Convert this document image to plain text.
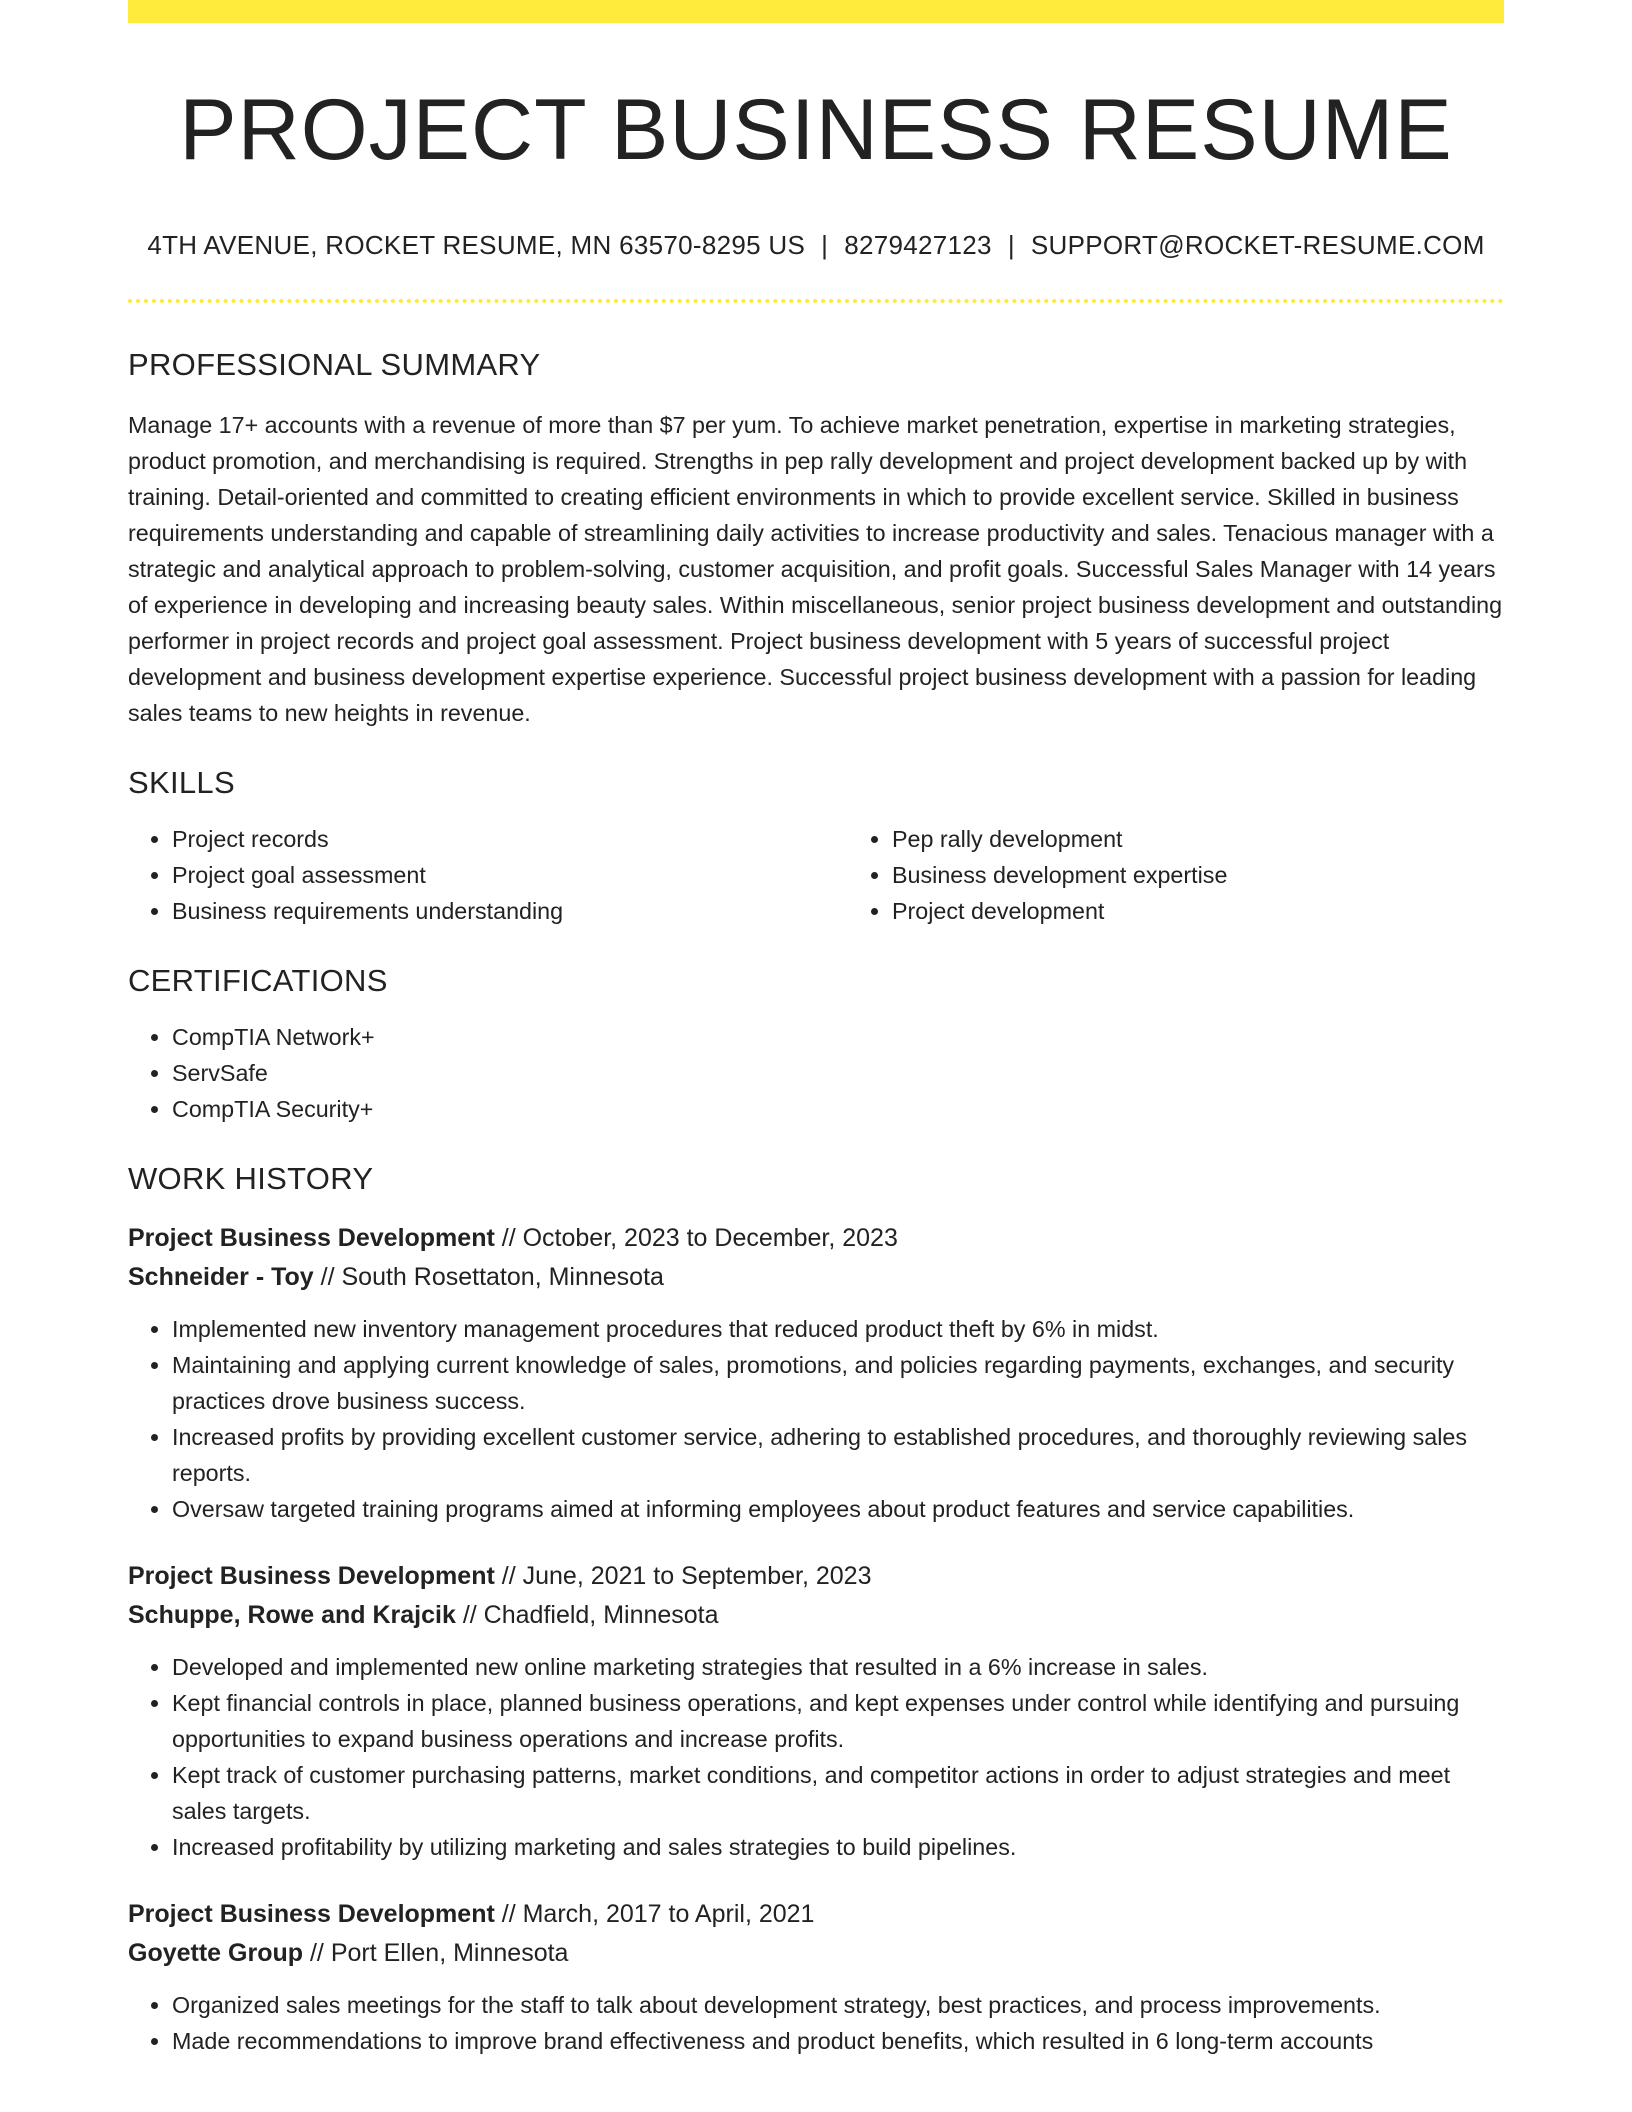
PROJECT BUSINESS RESUME
4TH AVENUE, ROCKET RESUME, MN 63570-8295 US | 8279427123 | SUPPORT@ROCKET-RESUME.COM
PROFESSIONAL SUMMARY

Manage 17+ accounts with a revenue of more than $7 per yum. To achieve market penetration, expertise in marketing strategies, product promotion, and merchandising is required. Strengths in pep rally development and project development backed up by with training. Detail-oriented and committed to creating efficient environments in which to provide excellent service. Skilled in business requirements understanding and capable of streamlining daily activities to increase productivity and sales. Tenacious manager with a strategic and analytical approach to problem-solving, customer acquisition, and profit goals. Successful Sales Manager with 14 years of experience in developing and increasing beauty sales. Within miscellaneous, senior project business development and outstanding performer in project records and project goal assessment. Project business development with 5 years of successful project development and business development expertise experience. Successful project business development with a passion for leading sales teams to new heights in revenue.

SKILLS
• Project records
• Project goal assessment
• Business requirements understanding
• Pep rally development
• Business development expertise
• Project development
CERTIFICATIONS
• CompTIA Network+
• ServSafe
• CompTIA Security+
WORK HISTORY
Project Business Development // October, 2023 to December, 2023
Schneider - Toy // South Rosettaton, Minnesota
• Implemented new inventory management procedures that reduced product theft by 6% in midst.
• Maintaining and applying current knowledge of sales, promotions, and policies regarding payments, exchanges, and security practices drove business success.
• Increased profits by providing excellent customer service, adhering to established procedures, and thoroughly reviewing sales reports.
• Oversaw targeted training programs aimed at informing employees about product features and service capabilities.
Project Business Development // June, 2021 to September, 2023
Schuppe, Rowe and Krajcik // Chadfield, Minnesota
• Developed and implemented new online marketing strategies that resulted in a 6% increase in sales.
• Kept financial controls in place, planned business operations, and kept expenses under control while identifying and pursuing opportunities to expand business operations and increase profits.
• Kept track of customer purchasing patterns, market conditions, and competitor actions in order to adjust strategies and meet sales targets.
• Increased profitability by utilizing marketing and sales strategies to build pipelines.
Project Business Development // March, 2017 to April, 2021
Goyette Group // Port Ellen, Minnesota
• Organized sales meetings for the staff to talk about development strategy, best practices, and process improvements.
• Made recommendations to improve brand effectiveness and product benefits, which resulted in 6 long-term accounts
